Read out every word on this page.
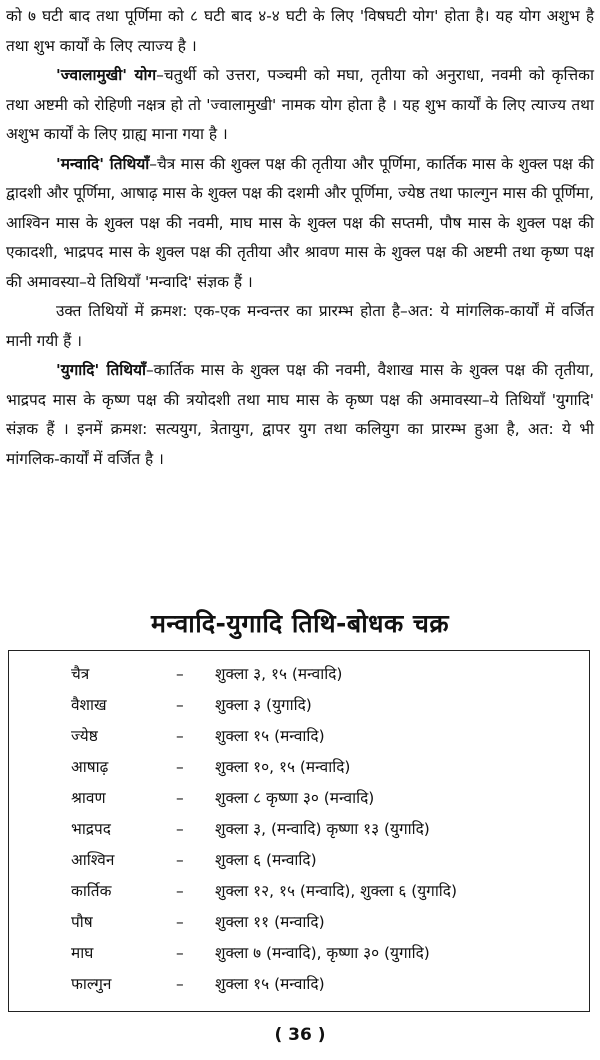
को ७ घटी बाद तथा पूर्णिमा को ८ घटी बाद ४-४ घटी के लिए 'विषघटी योग' होता है। यह योग अशुभ है तथा शुभ कार्यों के लिए त्याज्य है ।

'ज्वालामुखी' योग–चतुर्थी को उत्तरा, पञ्चमी को मघा, तृतीया को अनुराधा, नवमी को कृत्तिका तथा अष्टमी को रोहिणी नक्षत्र हो तो 'ज्वालामुखी' नामक योग होता है । यह शुभ कार्यों के लिए त्याज्य तथा अशुभ कार्यों के लिए ग्राह्य माना गया है ।

'मन्वादि' तिथियाँ–चैत्र मास की शुक्ल पक्ष की तृतीया और पूर्णिमा, कार्तिक मास के शुक्ल पक्ष की द्वादशी और पूर्णिमा, आषाढ़ मास के शुक्ल पक्ष की दशमी और पूर्णिमा, ज्येष्ठ तथा फाल्गुन मास की पूर्णिमा, आश्विन मास के शुक्ल पक्ष की नवमी, माघ मास के शुक्ल पक्ष की सप्तमी, पौष मास के शुक्ल पक्ष की एकादशी, भाद्रपद मास के शुक्ल पक्ष की तृतीया और श्रावण मास के शुक्ल पक्ष की अष्टमी तथा कृष्ण पक्ष की अमावस्या–ये तिथियाँ 'मन्वादि' संज्ञक हैं ।

उक्त तिथियों में क्रमश: एक-एक मन्वन्तर का प्रारम्भ होता है–अत: ये मांगलिक-कार्यों में वर्जित मानी गयी हैं ।

'युगादि' तिथियाँ–कार्तिक मास के शुक्ल पक्ष की नवमी, वैशाख मास के शुक्ल पक्ष की तृतीया, भाद्रपद मास के कृष्ण पक्ष की त्रयोदशी तथा माघ मास के कृष्ण पक्ष की अमावस्या–ये तिथियाँ 'युगादि' संज्ञक हैं । इनमें क्रमश: सत्ययुग, त्रेतायुग, द्वापर युग तथा कलियुग का प्रारम्भ हुआ है, अत: ये भी मांगलिक-कार्यों में वर्जित है ।

मन्वादि-युगादि तिथि-बोधक चक्र
चैत्र	– शुक्ला ३, १५ (मन्वादि)
वैशाख	– शुक्ला ३ (युगादि)
ज्येष्ठ	– शुक्ला १५ (मन्वादि)
आषाढ़	– शुक्ला १०, १५ (मन्वादि)
श्रावण	– शुक्ला ८ कृष्णा ३० (मन्वादि)
भाद्रपद	– शुक्ला ३, (मन्वादि) कृष्णा १३ (युगादि)
आश्विन	– शुक्ला ६ (मन्वादि)
कार्तिक	– शुक्ला १२, १५ (मन्वादि), शुक्ला ६ (युगादि)
पौष	– शुक्ला ११ (मन्वादि)
माघ	– शुक्ला ७ (मन्वादि), कृष्णा ३० (युगादि)
फाल्गुन	– शुक्ला १५ (मन्वादि)
( 36 )
